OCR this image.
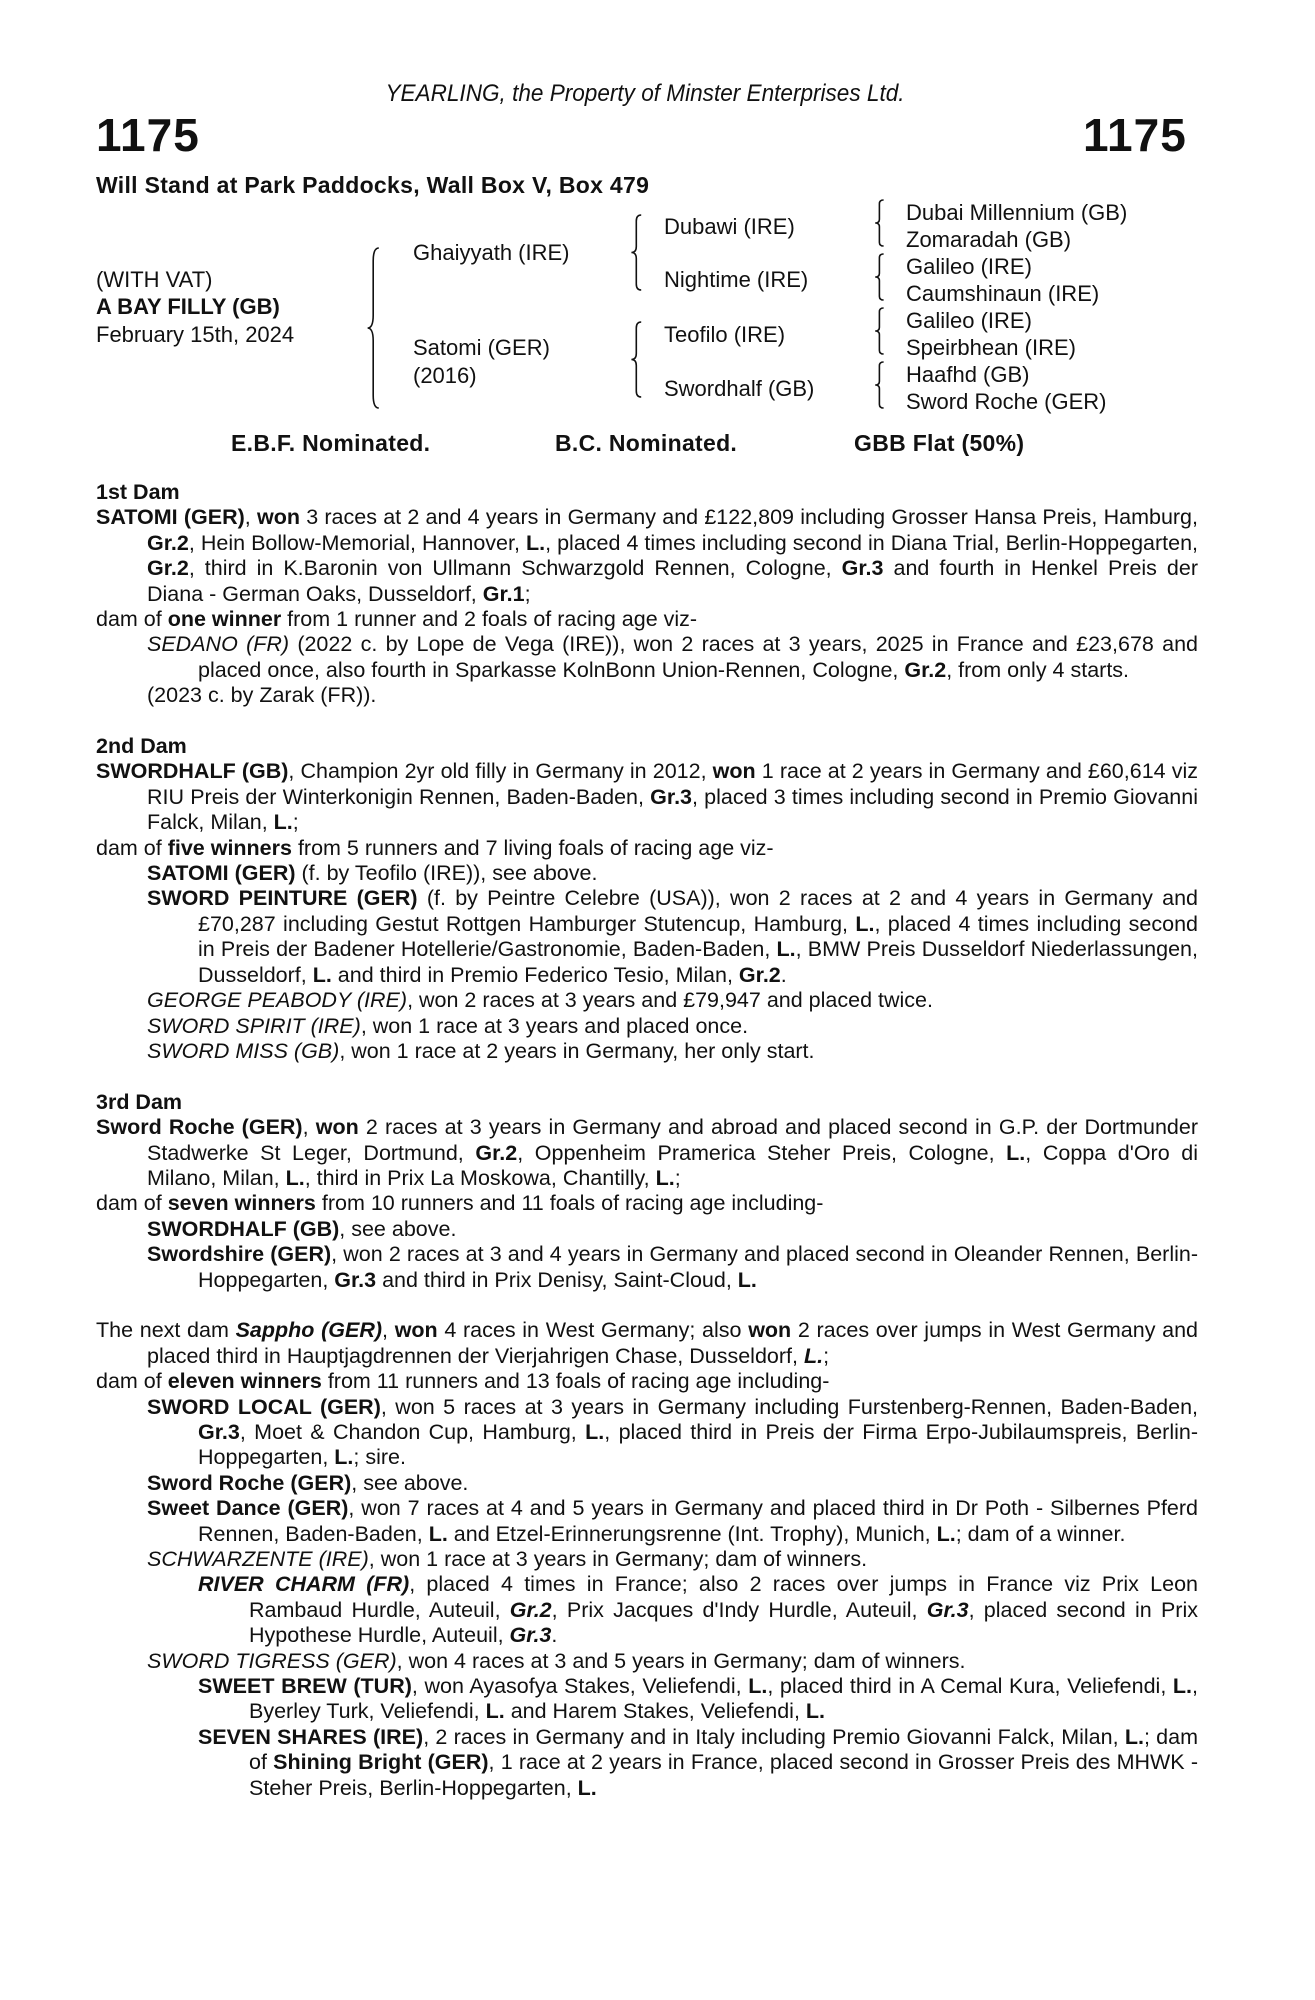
YEARLING, the Property of Minster Enterprises Ltd.
1175	1175
Will Stand at Park Paddocks, Wall Box V, Box 479
(WITH VAT)
A BAY FILLY (GB)
February 15th, 2024
Ghaiyyath (IRE)
Satomi (GER)
(2016)
Dubawi (IRE)
Nightime (IRE)
Teofilo (IRE)
Swordhalf (GB)
Dubai Millennium (GB)
Zomaradah (GB)
Galileo (IRE)
Caumshinaun (IRE)
Galileo (IRE)
Speirbhean (IRE)
Haafhd (GB)
Sword Roche (GER)
E.B.F. Nominated.	B.C. Nominated.	GBB Flat (50%)
1st Dam
SATOMI (GER), won 3 races at 2 and 4 years in Germany and £122,809 including Grosser Hansa Preis, Hamburg, Gr.2, Hein Bollow-Memorial, Hannover, L., placed 4 times including second in Diana Trial, Berlin-Hoppegarten, Gr.2, third in K.Baronin von Ullmann Schwarzgold Rennen, Cologne, Gr.3 and fourth in Henkel Preis der Diana - German Oaks, Dusseldorf, Gr.1;
dam of one winner from 1 runner and 2 foals of racing age viz-
SEDANO (FR) (2022 c. by Lope de Vega (IRE)), won 2 races at 3 years, 2025 in France and £23,678 and placed once, also fourth in Sparkasse KolnBonn Union-Rennen, Cologne, Gr.2, from only 4 starts.
(2023 c. by Zarak (FR)).
2nd Dam
SWORDHALF (GB), Champion 2yr old filly in Germany in 2012, won 1 race at 2 years in Germany and £60,614 viz RIU Preis der Winterkonigin Rennen, Baden-Baden, Gr.3, placed 3 times including second in Premio Giovanni Falck, Milan, L.;
dam of five winners from 5 runners and 7 living foals of racing age viz-
SATOMI (GER) (f. by Teofilo (IRE)), see above.
SWORD PEINTURE (GER) (f. by Peintre Celebre (USA)), won 2 races at 2 and 4 years in Germany and £70,287 including Gestut Rottgen Hamburger Stutencup, Hamburg, L., placed 4 times including second in Preis der Badener Hotellerie/Gastronomie, Baden-Baden, L., BMW Preis Dusseldorf Niederlassungen, Dusseldorf, L. and third in Premio Federico Tesio, Milan, Gr.2.
GEORGE PEABODY (IRE), won 2 races at 3 years and £79,947 and placed twice.
SWORD SPIRIT (IRE), won 1 race at 3 years and placed once.
SWORD MISS (GB), won 1 race at 2 years in Germany, her only start.
3rd Dam
Sword Roche (GER), won 2 races at 3 years in Germany and abroad and placed second in G.P. der Dortmunder Stadwerke St Leger, Dortmund, Gr.2, Oppenheim Pramerica Steher Preis, Cologne, L., Coppa d'Oro di Milano, Milan, L., third in Prix La Moskowa, Chantilly, L.;
dam of seven winners from 10 runners and 11 foals of racing age including-
SWORDHALF (GB), see above.
Swordshire (GER), won 2 races at 3 and 4 years in Germany and placed second in Oleander Rennen, Berlin-Hoppegarten, Gr.3 and third in Prix Denisy, Saint-Cloud, L.
The next dam Sappho (GER), won 4 races in West Germany; also won 2 races over jumps in West Germany and placed third in Hauptjagdrennen der Vierjahrigen Chase, Dusseldorf, L.;
dam of eleven winners from 11 runners and 13 foals of racing age including-
SWORD LOCAL (GER), won 5 races at 3 years in Germany including Furstenberg-Rennen, Baden-Baden, Gr.3, Moet & Chandon Cup, Hamburg, L., placed third in Preis der Firma Erpo-Jubilaumspreis, Berlin-Hoppegarten, L.; sire.
Sword Roche (GER), see above.
Sweet Dance (GER), won 7 races at 4 and 5 years in Germany and placed third in Dr Poth - Silbernes Pferd Rennen, Baden-Baden, L. and Etzel-Erinnerungsrenne (Int. Trophy), Munich, L.; dam of a winner.
SCHWARZENTE (IRE), won 1 race at 3 years in Germany; dam of winners.
RIVER CHARM (FR), placed 4 times in France; also 2 races over jumps in France viz Prix Leon Rambaud Hurdle, Auteuil, Gr.2, Prix Jacques d'Indy Hurdle, Auteuil, Gr.3, placed second in Prix Hypothese Hurdle, Auteuil, Gr.3.
SWORD TIGRESS (GER), won 4 races at 3 and 5 years in Germany; dam of winners.
SWEET BREW (TUR), won Ayasofya Stakes, Veliefendi, L., placed third in A Cemal Kura, Veliefendi, L., Byerley Turk, Veliefendi, L. and Harem Stakes, Veliefendi, L.
SEVEN SHARES (IRE), 2 races in Germany and in Italy including Premio Giovanni Falck, Milan, L.; dam of Shining Bright (GER), 1 race at 2 years in France, placed second in Grosser Preis des MHWK - Steher Preis, Berlin-Hoppegarten, L.
